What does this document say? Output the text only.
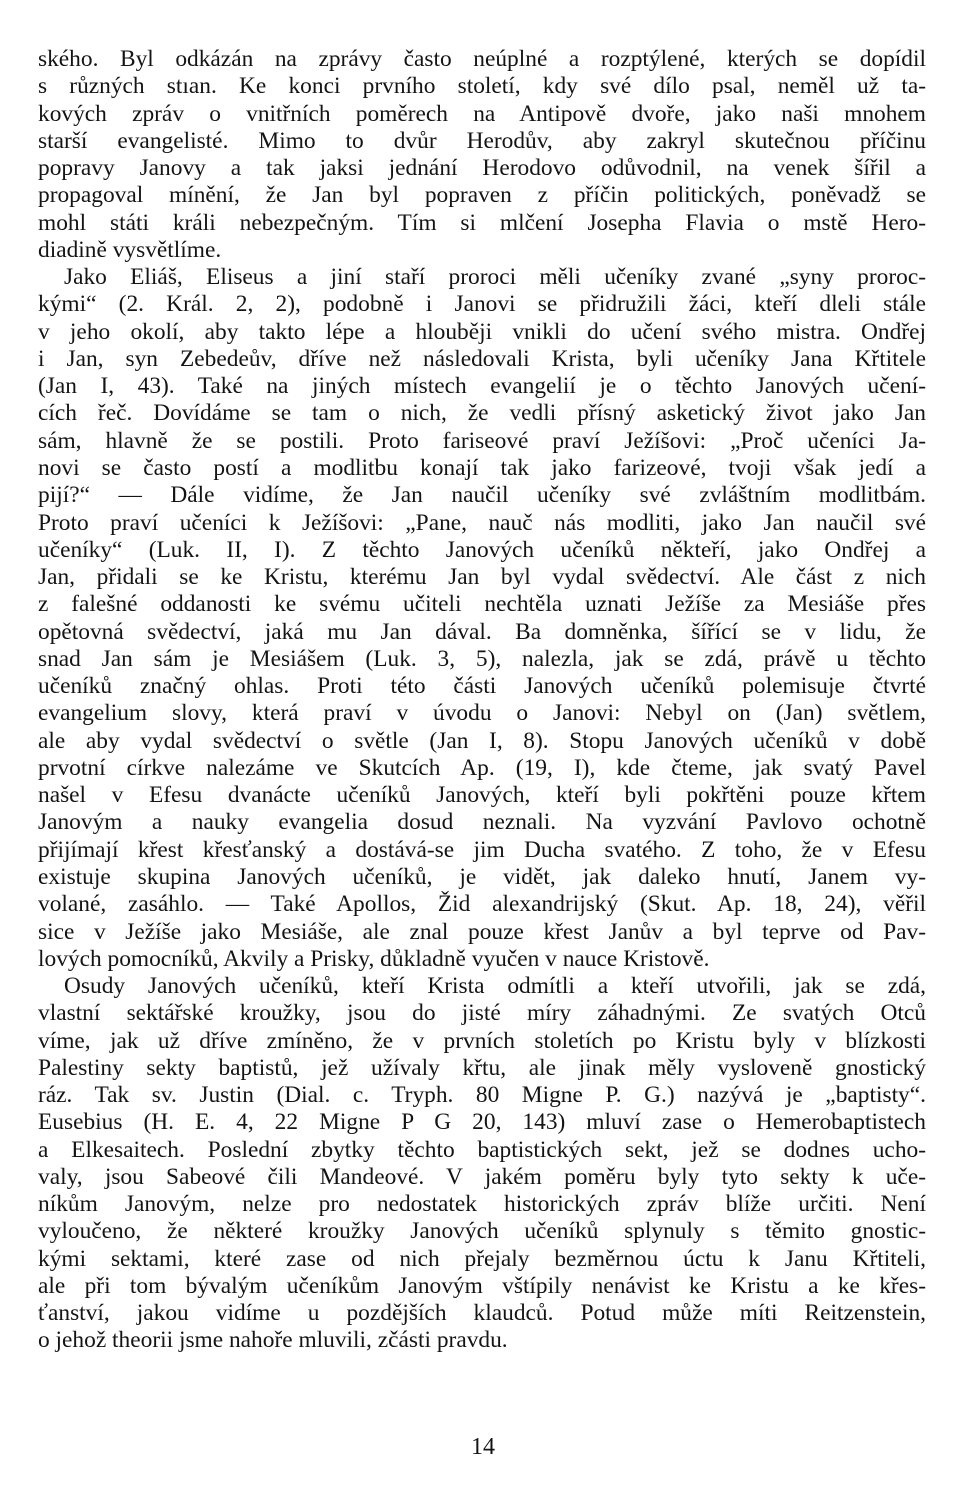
ského. Byl odkázán na zprávy často neúplné a rozptýlené, kterých se dopídil
s různých stıan. Ke konci prvního století, kdy své dílo psal, neměl už ta-
kových zpráv o vnitřních poměrech na Antipově dvoře, jako naši mnohem
starší evangelisté. Mimo to dvůr Herodův, aby zakryl skutečnou příčinu
popravy Janovy a tak jaksi jednání Herodovo odůvodnil, na venek šířil a
propagoval mínění, že Jan byl popraven z příčin politických, poněvadž se
mohl státi králi nebezpečným. Tím si mlčení Josepha Flavia o mstě Hero-
diadině vysvětlíme.
Jako Eliáš, Eliseus a jiní staří proroci měli učeníky zvané „syny proroc-
kými“ (2. Král. 2, 2), podobně i Janovi se přidružili žáci, kteří dleli stále
v jeho okolí, aby takto lépe a hlouběji vnikli do učení svého mistra. Ondřej
i Jan, syn Zebedeův, dříve než následovali Krista, byli učeníky Jana Křtitele
(Jan I, 43). Také na jiných místech evangelií je o těchto Janových učení-
cích řeč. Dovídáme se tam o nich, že vedli přísný asketický život jako Jan
sám, hlavně že se postili. Proto fariseové praví Ježíšovi: „Proč učeníci Ja-
novi se často postí a modlitbu konají tak jako farizeové, tvoji však jedí a
pijí?“ — Dále vidíme, že Jan naučil učeníky své zvláštním modlitbám.
Proto praví učeníci k Ježíšovi: „Pane, nauč nás modliti, jako Jan naučil své
učeníky“ (Luk. II, I). Z těchto Janových učeníků někteří, jako Ondřej a
Jan, přidali se ke Kristu, kterému Jan byl vydal svědectví. Ale část z nich
z falešné oddanosti ke svému učiteli nechtěla uznati Ježíše za Mesiáše přes
opětovná svědectví, jaká mu Jan dával. Ba domněnka, šířící se v lidu, že
snad Jan sám je Mesiášem (Luk. 3, 5), nalezla, jak se zdá, právě u těchto
učeníků značný ohlas. Proti této části Janových učeníků polemisuje čtvrté
evangelium slovy, která praví v úvodu o Janovi: Nebyl on (Jan) světlem,
ale aby vydal svědectví o světle (Jan I, 8). Stopu Janových učeníků v době
prvotní církve nalezáme ve Skutcích Ap. (19, I), kde čteme, jak svatý Pavel
našel v Efesu dvanácte učeníků Janových, kteří byli pokřtěni pouze křtem
Janovým a nauky evangelia dosud neznali. Na vyzvání Pavlovo ochotně
přijímají křest křesťanský a dostává-se jim Ducha svatého. Z toho, že v Efesu
existuje skupina Janových učeníků, je vidět, jak daleko hnutí, Janem vy-
volané, zasáhlo. — Také Apollos, Žid alexandrijský (Skut. Ap. 18, 24), věřil
sice v Ježíše jako Mesiáše, ale znal pouze křest Janův a byl teprve od Pav-
lových pomocníků, Akvily a Prisky, důkladně vyučen v nauce Kristově.
Osudy Janových učeníků, kteří Krista odmítli a kteří utvořili, jak se zdá,
vlastní sektářské kroužky, jsou do jisté míry záhadnými. Ze svatých Otců
víme, jak už dříve zmíněno, že v prvních stoletích po Kristu byly v blízkosti
Palestiny sekty baptistů, jež užívaly křtu, ale jinak měly vysloveně gnostický
ráz. Tak sv. Justin (Dial. c. Tryph. 80 Migne P. G.) nazývá je „baptisty“.
Eusebius (H. E. 4, 22 Migne P G 20, 143) mluví zase o Hemerobaptistech
a Elkesaitech. Poslední zbytky těchto baptistických sekt, jež se dodnes ucho-
valy, jsou Sabeové čili Mandeové. V jakém poměru byly tyto sekty k uče-
níkům Janovým, nelze pro nedostatek historických zpráv blíže určiti. Není
vyloučeno, že některé kroužky Janových učeníků splynuly s těmito gnostic-
kými sektami, které zase od nich přejaly bezměrnou úctu k Janu Křtiteli,
ale při tom bývalým učeníkům Janovým vštípily nenávist ke Kristu a ke křes-
ťanství, jakou vidíme u pozdějších klaudců. Potud může míti Reitzenstein,
o jehož theorii jsme nahoře mluvili, zčásti pravdu.
14
